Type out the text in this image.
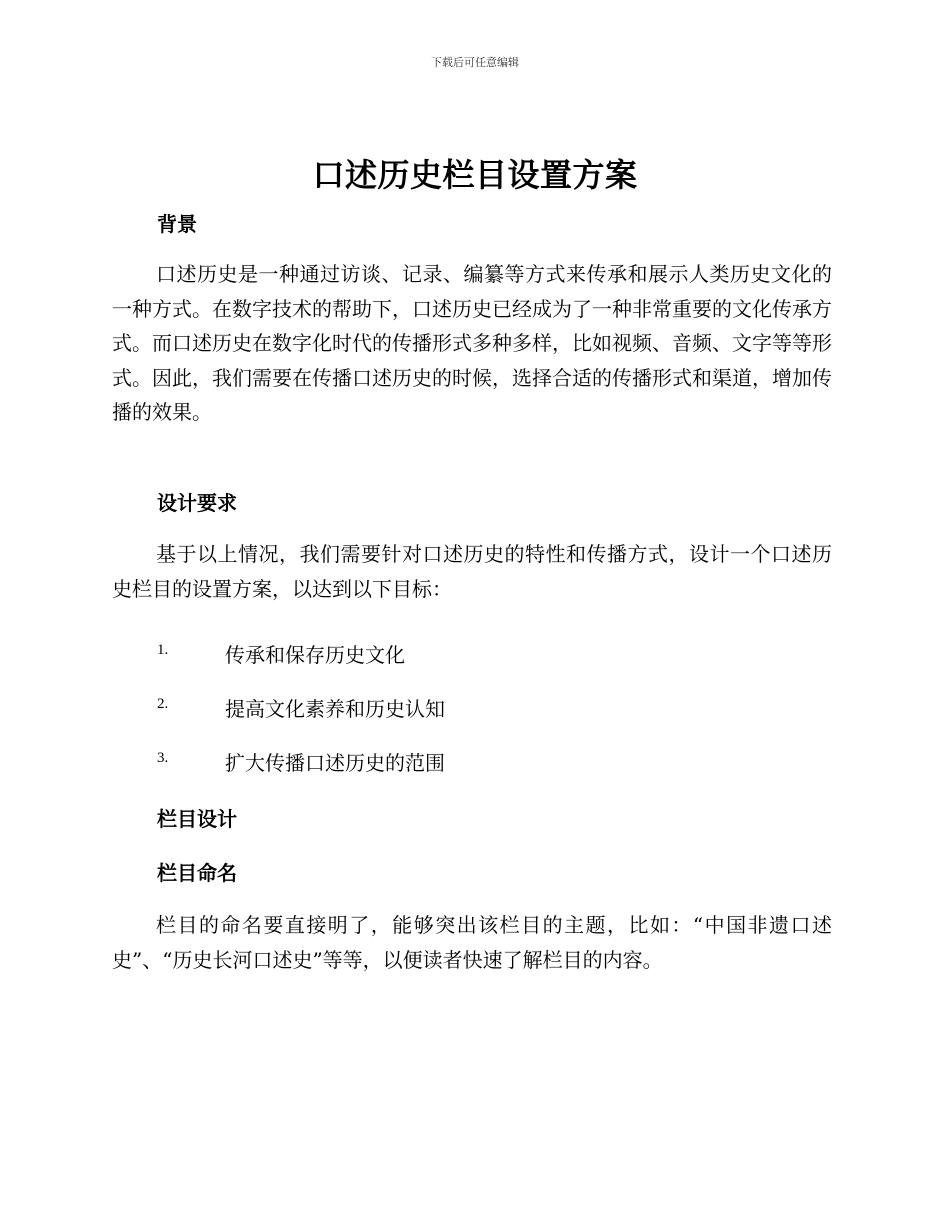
下载后可任意编辑
口述历史栏目设置方案
背景
口述历史是一种通过访谈、记录、编纂等方式来传承和展示人类历史文化的一种方式。在数字技术的帮助下，口述历史已经成为了一种非常重要的文化传承方式。而口述历史在数字化时代的传播形式多种多样，比如视频、音频、文字等等形式。因此，我们需要在传播口述历史的时候，选择合适的传播形式和渠道，增加传播的效果。
设计要求
基于以上情况，我们需要针对口述历史的特性和传播方式，设计一个口述历史栏目的设置方案，以达到以下目标：
1.	传承和保存历史文化
2.	提高文化素养和历史认知
3.	扩大传播口述历史的范围
栏目设计
栏目命名
栏目的命名要直接明了，能够突出该栏目的主题，比如：“中国非遗口述史”、“历史长河口述史”等等，以便读者快速了解栏目的内容。
